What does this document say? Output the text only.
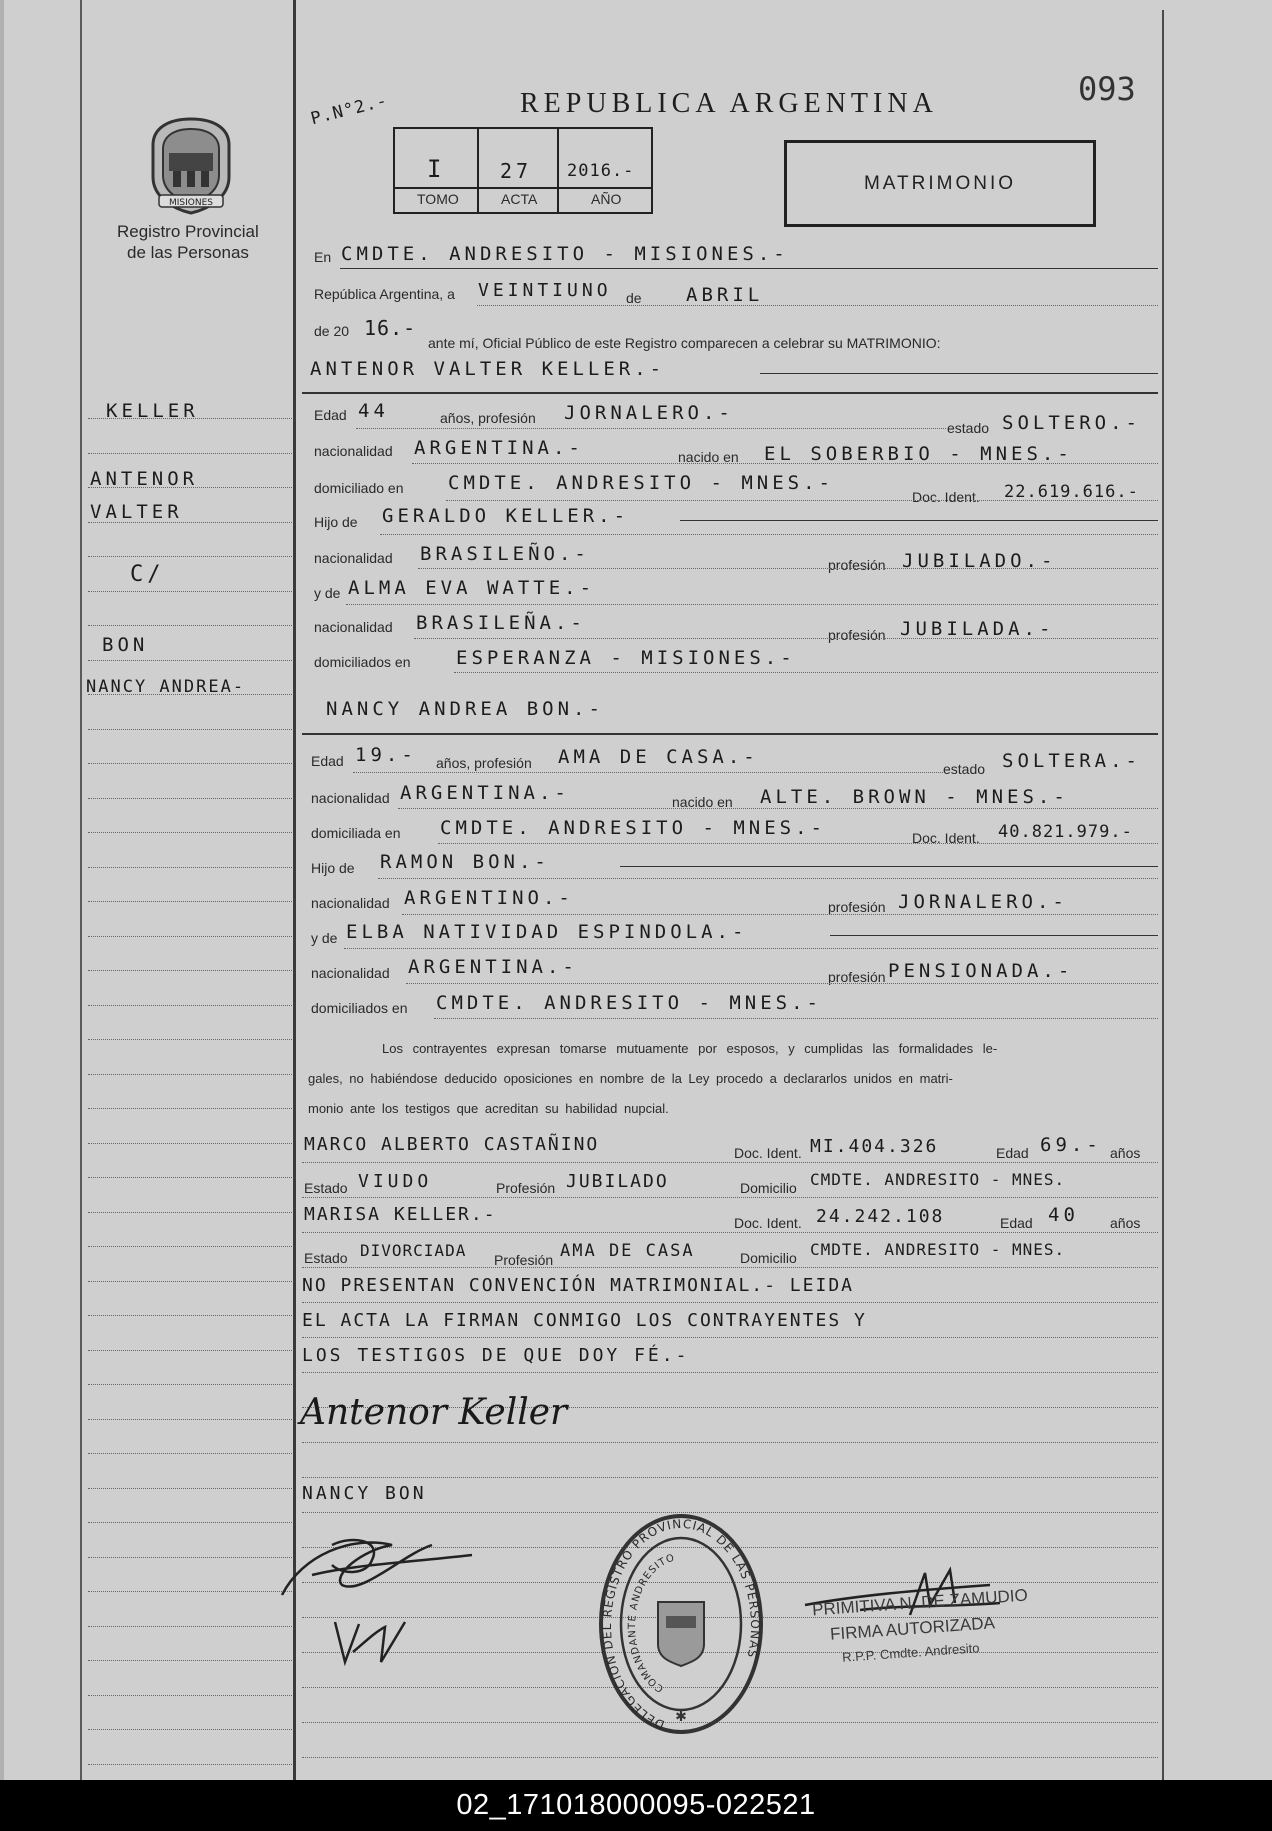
MISIONES
Registro Provincial
de las Personas
P.N°2.-	REPUBLICA ARGENTINA	093
I	27 2016.-
TOMO	ACTA	AÑO
MATRIMONIO
KELLER
ANTENOR
VALTER
C/
BON
NANCY ANDREA-
En CMDTE. ANDRESITO - MISIONES.-
República Argentina, a VEINTIUNO de ABRIL
de 20 16.-
ante mí, Oficial Público de este Registro comparecen a celebrar su MATRIMONIO:
ANTENOR VALTER KELLER.-
Edad 44	años, profesión JORNALERO.-
estado SOLTERO.-
nacionalidad ARGENTINA.-	nacido en EL SOBERBIO - MNES.-
domiciliado en CMDTE. ANDRESITO - MNES.-
Doc. Ident. 22.619.616.-
Hijo de GERALDO KELLER.-
nacionalidad BRASILEÑO.-	profesión JUBILADO.-
y de ALMA EVA WATTE.-
nacionalidad BRASILEÑA.-
profesión JUBILADA.-
domiciliados en ESPERANZA - MISIONES.-
NANCY ANDREA BON.-
Edad 19.- años, profesión AMA DE CASA.-
estado SOLTERA.-
nacionalidad ARGENTINA.-	nacido en ALTE. BROWN - MNES.-
domiciliada en CMDTE. ANDRESITO - MNES.-	Doc. Ident. 40.821.979.-
Hijo de RAMON BON.-
nacionalidad ARGENTINO.-	profesión JORNALERO.-
y de ELBA NATIVIDAD ESPINDOLA.-
nacionalidad ARGENTINA.-	profesión PENSIONADA.-
domiciliados en CMDTE. ANDRESITO - MNES.-
Los contrayentes expresan tomarse mutuamente por esposos, y cumplidas las formalidades le-
gales, no habiéndose deducido oposiciones en nombre de la Ley procedo a declararlos unidos en matri-
monio ante los testigos que acreditan su habilidad nupcial.
MARCO ALBERTO CASTAÑINO	Doc. Ident. MI.404.326	Edad 69.- años
Estado VIUDO	Profesión JUBILADO	Domicilio CMDTE. ANDRESITO - MNES.
MARISA KELLER.-	Doc. Ident. 24.242.108	Edad 40 años
Estado DIVORCIADA Profesión AMA DE CASA	Domicilio CMDTE. ANDRESITO - MNES.
NO PRESENTAN CONVENCIÓN MATRIMONIAL.- LEIDA
EL ACTA LA FIRMAN CONMIGO LOS CONTRAYENTES Y
LOS TESTIGOS DE QUE DOY FÉ.-
Antenor Keller
NANCY BON
✱
DELEGACION DEL REGISTRO PROVINCIAL DE LAS PERSONAS
COMANDANTE ANDRESITO
PRIMITIVA N. DE ZAMUDIO
FIRMA AUTORIZADA
R.P.P. Cmdte. Andresito
02_171018000095-022521
